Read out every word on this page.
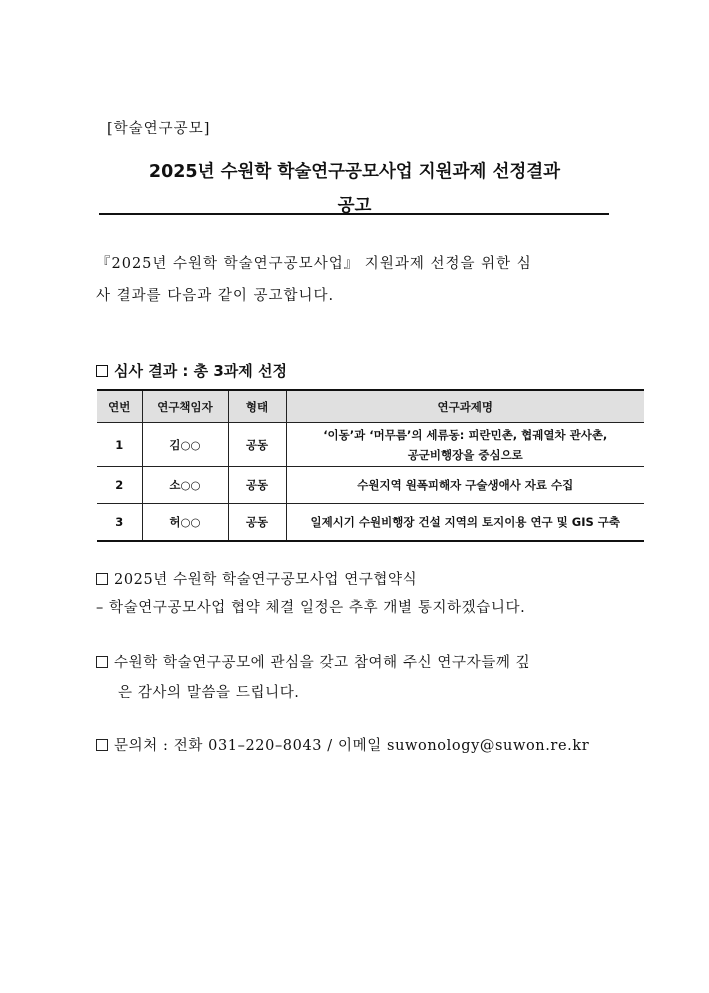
[학술연구공모]
2025년 수원학 학술연구공모사업 지원과제 선정결과
공고
『2025년 수원학 학술연구공모사업』 지원과제 선정을 위한 심
사 결과를 다음과 같이 공고합니다.
심사 결과 : 총 3과제 선정
연번	연구책임자	형태	연구과제명
1	김○○	공동	‘이동’과 ‘머무름’의 세류동: 피란민촌, 협궤열차 관사촌,
공군비행장을 중심으로

2	소○○	공동	수원지역 원폭피해자 구술생애사 자료 수집
3	허○○	공동	일제시기 수원비행장 건설 지역의 토지이용 연구 및 GIS 구축
2025년 수원학 학술연구공모사업 연구협약식
– 학술연구공모사업 협약 체결 일정은 추후 개별 통지하겠습니다.
수원학 학술연구공모에 관심을 갖고 참여해 주신 연구자들께 깊
은 감사의 말씀을 드립니다.
문의처 : 전화 031–220–8043 / 이메일 suwonology@suwon.re.kr
